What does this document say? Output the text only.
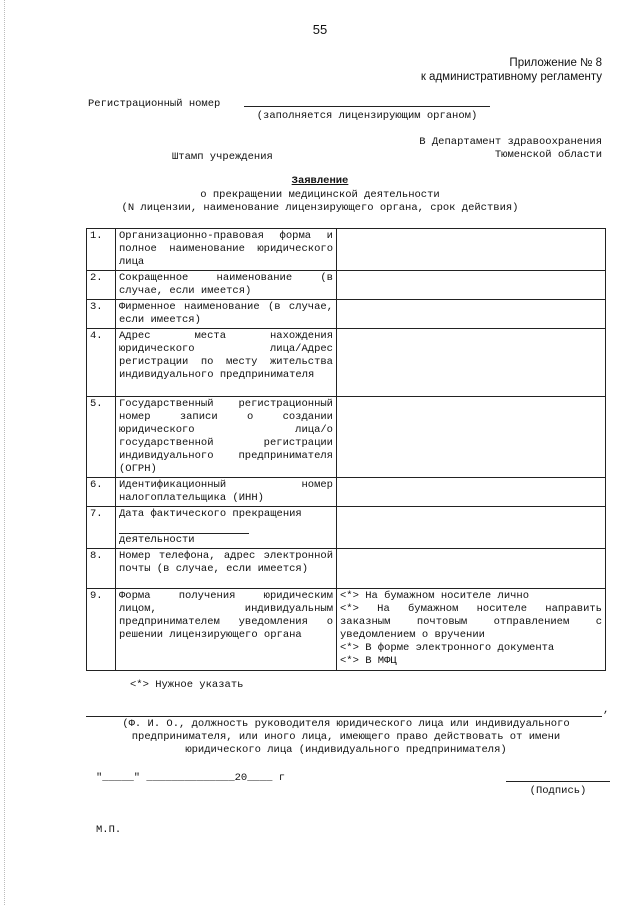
55
Приложение № 8
к административному регламенту
Регистрационный номер
(заполняется лицензирующим органом)
В Департамент здравоохранения
Тюменской области
Штамп учреждения
Заявление
о прекращении медицинской деятельности
(N лицензии, наименование лицензирующего органа, срок действия)
1.	Организационно-правовая форма и полное наименование юридического лица	
2.	Сокращенное наименование (в случае, если имеется)	
3.	Фирменное наименование (в случае, если имеется)	
4.	Адрес места нахождения юридического лица/Адрес регистрации по месту жительства индивидуального предпринимателя	
5.	Государственный регистрационный номер записи о создании юридического лица/о государственной регистрации индивидуального предпринимателя (ОГРН)	
6.	Идентификационный номер налогоплательщика (ИНН)	
7.	Дата фактического прекращения
деятельности	

8.	Номер телефона, адрес электронной почты (в случае, если имеется)	
9.	Форма получения юридическим лицом, индивидуальным предпринимателем уведомления о решении лицензирующего органа	<*> На бумажном носителе лично
<*> На бумажном носителе направить заказным почтовым отправлением с уведомлением о вручении
<*> В форме электронного документа
<*> В МФЦ
<*> Нужное указать
,
(Ф. И. О., должность руководителя юридического лица или индивидуального
предпринимателя, или иного лица, имеющего право действовать от имени
юридического лица (индивидуального предпринимателя)
"_____" ______________20____ г
(Подпись)
М.П.
